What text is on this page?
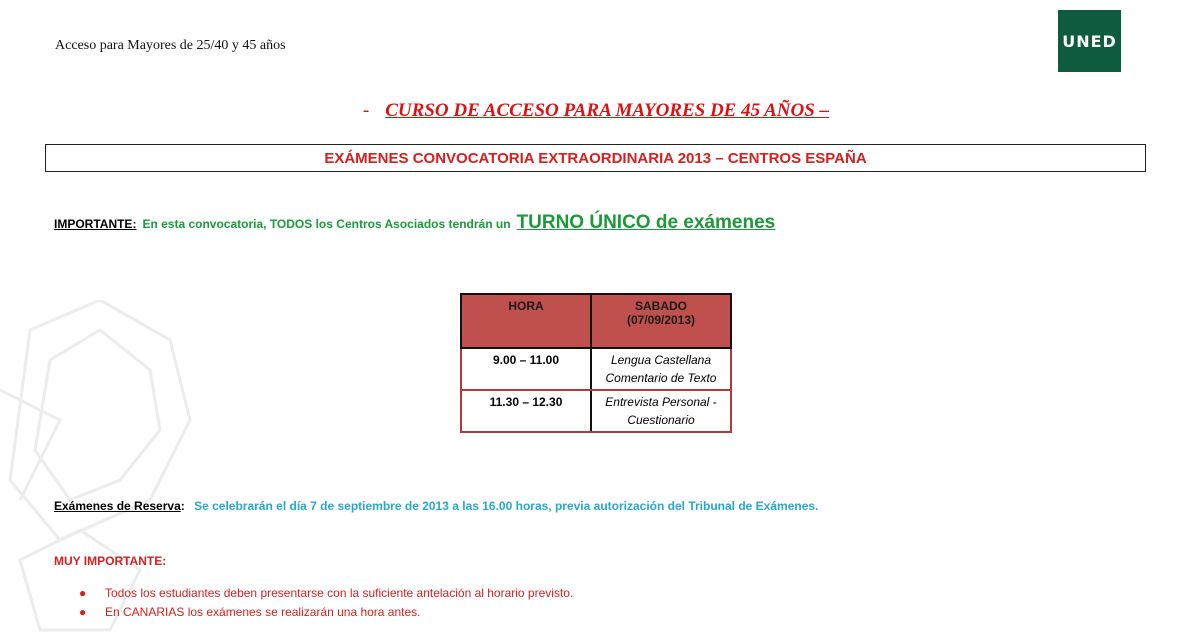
Acceso para Mayores de 25/40 y 45 años	UNED
- CURSO DE ACCESO PARA MAYORES DE 45 AÑOS –
EXÁMENES CONVOCATORIA EXTRAORDINARIA 2013 – CENTROS ESPAÑA
IMPORTANTE: En esta convocatoria, TODOS los Centros Asociados tendrán un TURNO ÚNICO de exámenes
HORA	SABADO
(07/09/2013)

9.00 – 11.00	Lengua Castellana Comentario de Texto
11.30 – 12.30	Entrevista Personal - Cuestionario
Exámenes de Reserva: Se celebrarán el día 7 de septiembre de 2013 a las 16.00 horas, previa autorización del Tribunal de Exámenes.
MUY IMPORTANTE:
● Todos los estudiantes deben presentarse con la suficiente antelación al horario previsto.
● En CANARIAS los exámenes se realizarán una hora antes.
